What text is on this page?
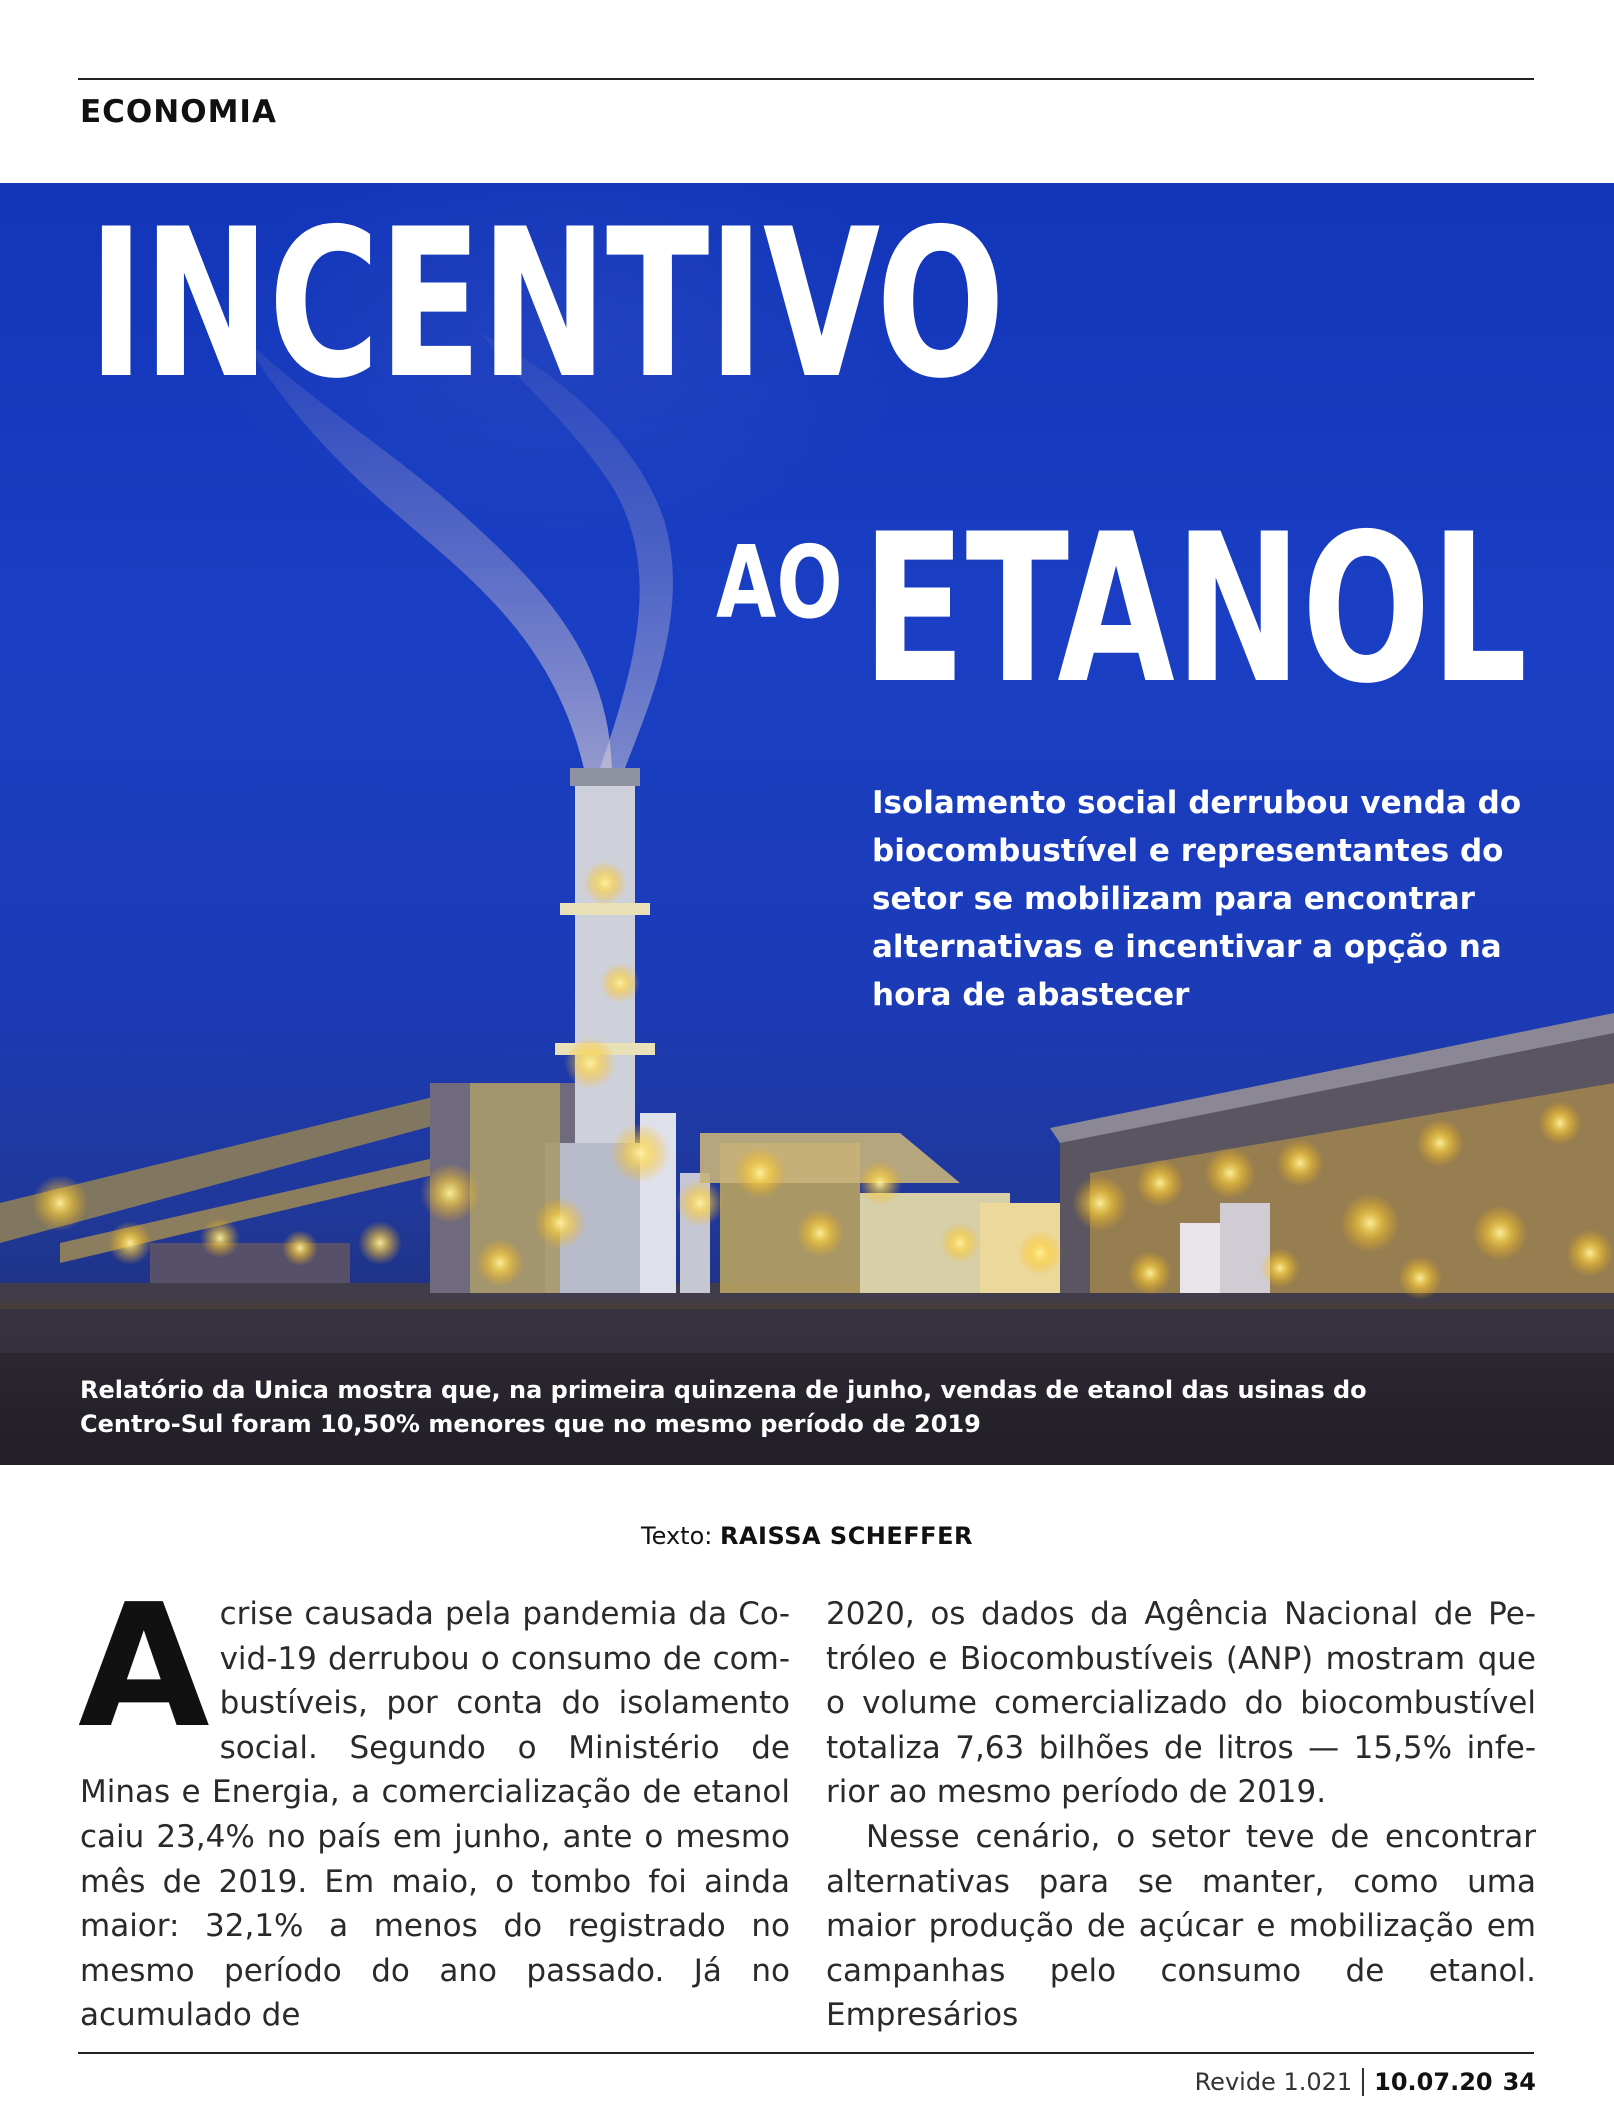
ECONOMIA
INCENTIVO
AO ETANOL
Isolamento social derrubou venda do biocombustível e representantes do setor se mobilizam para encontrar alternativas e incentivar a opção na hora de abastecer
Relatório da Unica mostra que, na primeira quinzena de junho, vendas de etanol das usinas do Centro-Sul foram 10,50% menores que no mesmo período de 2019
Texto: RAISSA SCHEFFER

A crise causada pela pandemia da Covid-19 derrubou o consumo de combustíveis, por conta do isolamento social. Segundo o Ministério de Minas e Energia, a comercialização de etanol caiu 23,4% no país em junho, ante o mesmo mês de 2019. Em maio, o tombo foi ainda maior: 32,1% a menos do registrado no mesmo período do ano passado. Já no acumulado de

2020, os dados da Agência Nacional de Petróleo e Biocombustíveis (ANP) mostram que o volume comercializado do biocombustível totaliza 7,63 bilhões de litros — 15,5% inferior ao mesmo período de 2019.

Nesse cenário, o setor teve de encontrar alternativas para se manter, como uma maior produção de açúcar e mobilização em campanhas pelo consumo de etanol. Empresários

Revide 1.021 10.07.20 34
